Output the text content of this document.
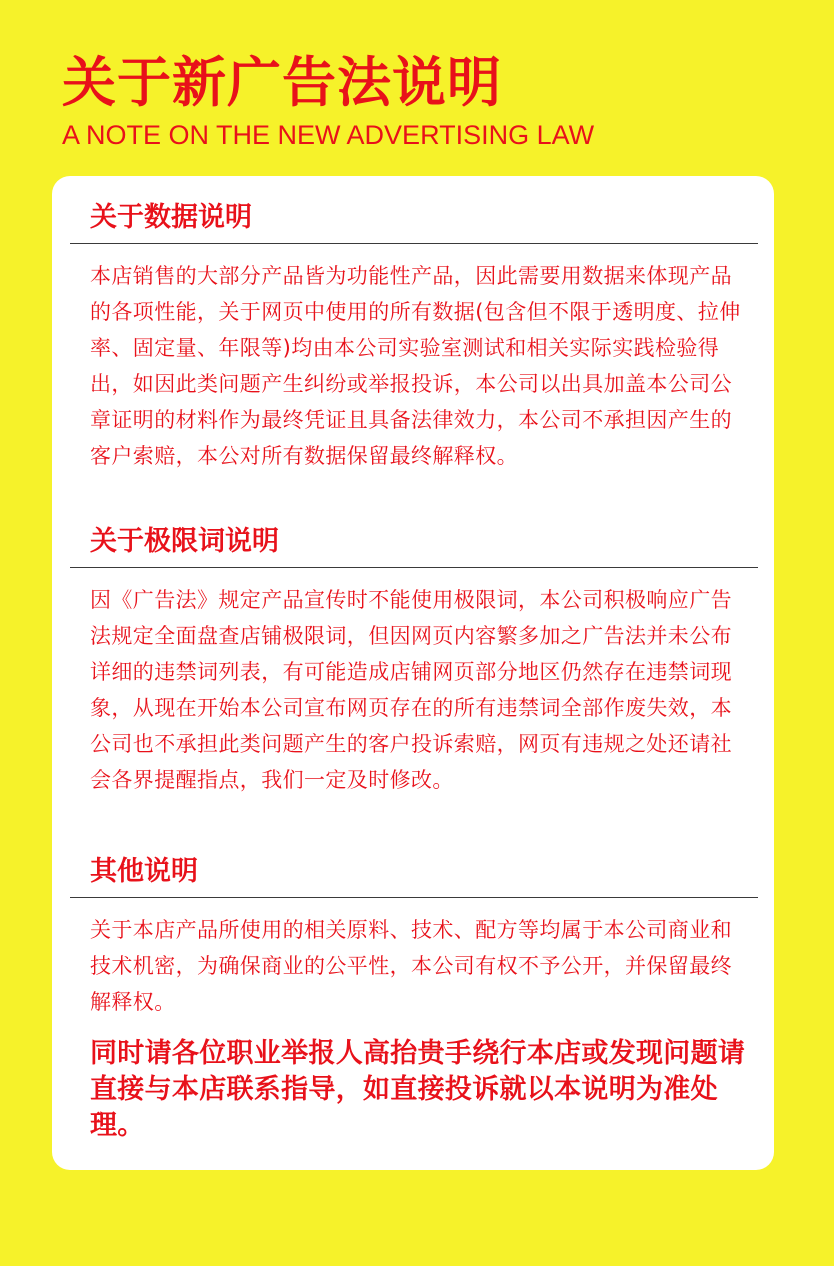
关于新广告法说明

A NOTE ON THE NEW ADVERTISING LAW

关于数据说明

本店销售的大部分产品皆为功能性产品，因此需要用数据来体现产品的各项性能，关于网页中使用的所有数据(包含但不限于透明度、拉伸率、固定量、年限等)均由本公司实验室测试和相关实际实践检验得出，如因此类问题产生纠纷或举报投诉，本公司以出具加盖本公司公章证明的材料作为最终凭证且具备法律效力，本公司不承担因产生的客户索赔，本公对所有数据保留最终解释权。

关于极限词说明

因《广告法》规定产品宣传时不能使用极限词，本公司积极响应广告法规定全面盘查店铺极限词，但因网页内容繁多加之广告法并未公布详细的违禁词列表，有可能造成店铺网页部分地区仍然存在违禁词现象，从现在开始本公司宣布网页存在的所有违禁词全部作废失效，本公司也不承担此类问题产生的客户投诉索赔，网页有违规之处还请社会各界提醒指点，我们一定及时修改。

其他说明

关于本店产品所使用的相关原料、技术、配方等均属于本公司商业和技术机密，为确保商业的公平性，本公司有权不予公开，并保留最终解释权。

同时请各位职业举报人高抬贵手绕行本店或发现问题请直接与本店联系指导，如直接投诉就以本说明为准处理。
